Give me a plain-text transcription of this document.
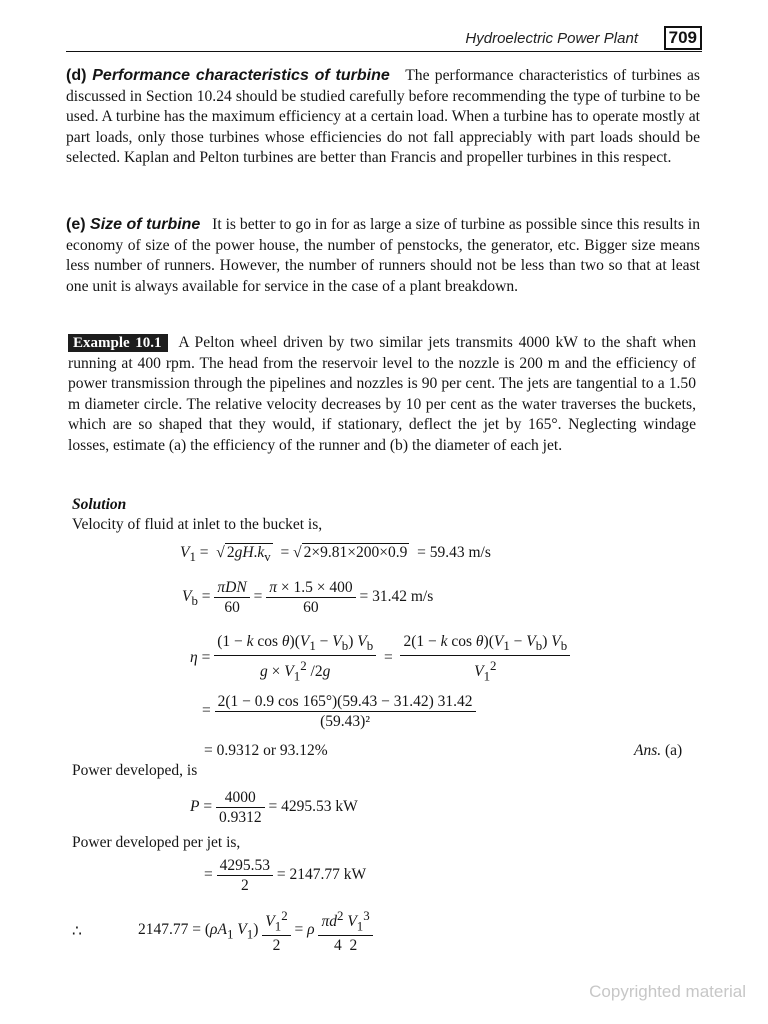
Hydroelectric Power Plant 709
(d) Performance characteristics of turbine The performance characteristics of turbines as discussed in Section 10.24 should be studied carefully before recommending the type of turbine to be used. A turbine has the maximum efficiency at a certain load. When a turbine has to operate mostly at part loads, only those turbines whose efficiencies do not fall appreciably with part loads should be selected. Kaplan and Pelton turbines are better than Francis and propeller turbines in this respect.
(e) Size of turbine It is better to go in for as large a size of turbine as possible since this results in economy of size of the power house, the number of penstocks, the generator, etc. Bigger size means less number of runners. However, the number of runners should not be less than two so that at least one unit is always available for service in the case of a plant breakdown.
Example 10.1 A Pelton wheel driven by two similar jets transmits 4000 kW to the shaft when running at 400 rpm. The head from the reservoir level to the nozzle is 200 m and the efficiency of power transmission through the pipelines and nozzles is 90 per cent. The jets are tangential to a 1.50 m diameter circle. The relative velocity decreases by 10 per cent as the water traverses the buckets, which are so shaped that they would, if stationary, deflect the jet by 165°. Neglecting windage losses, estimate (a) the efficiency of the runner and (b) the diameter of each jet.
Solution
Velocity of fluid at inlet to the bucket is,
$V_1$ =  √ $2gH.k_v$  = √ 2×9.81×200×0.9 = 59.43 m/s
$V_b$ =
πDN
60
= $\frac{\pi \times 1.5 \times 400}{60} = 31.42$ m/s
$\eta = \frac{(1 - k \cos \theta)(V_1 - V_b) V_b}{g \times V_1^2 /2g} = \frac{2(1 - k \cos \theta)(V_1 - V_b) V_b}{V_1^2}$
= $\frac{2(1 - 0.9 \cos 165^\circ)(59.43 - 31.42) 31.42}{\text{(59.43)²}}$
= 0.9312 or 93.12%	Ans. (a)
Power developed, is
$P = \frac{4000}{0.9312} = 4295.53$ kW
Power developed per jet is,
= $\frac{4295.53}{2} = 2147.77$ kW
∴	$2147.77 = (\rho A_1$ $V_1) \frac{V_1^2}{2} = \rho \frac{\pi d^2 V_1^3}{4 2}$
Copyrighted material
